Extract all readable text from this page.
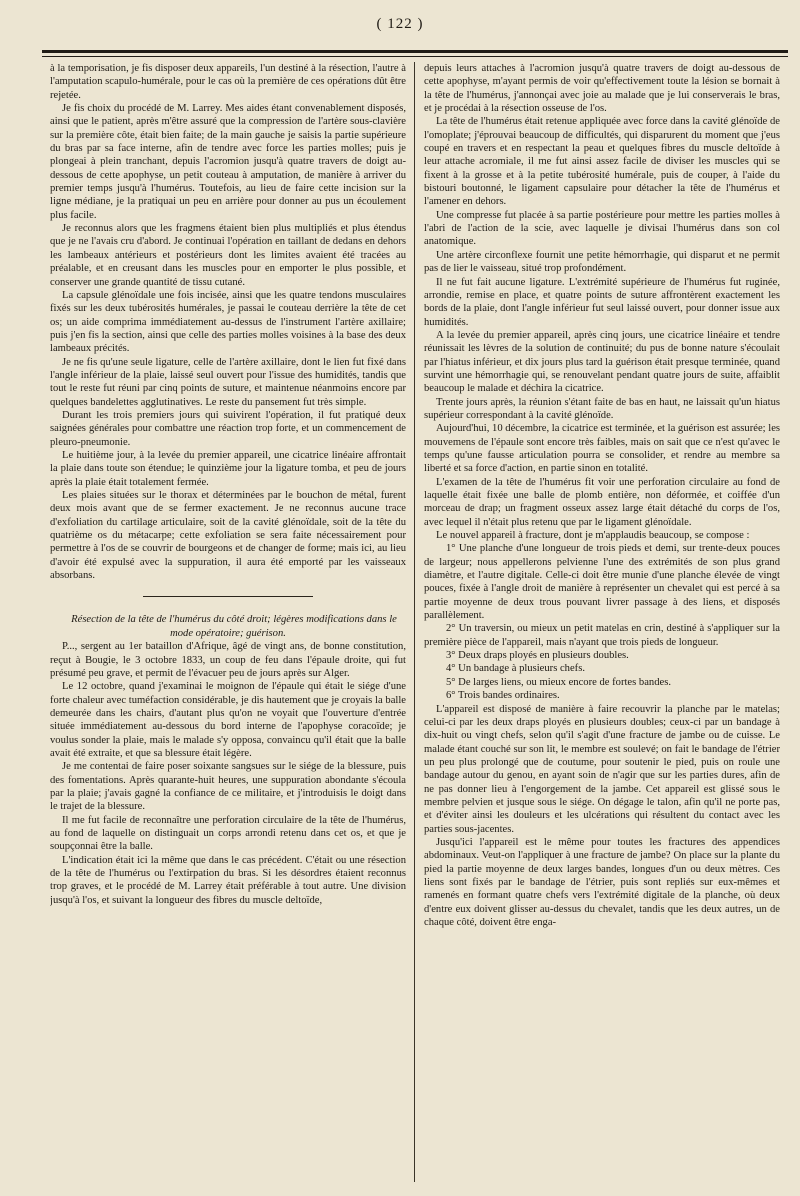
( 122 )

à la temporisation, je fis disposer deux appareils, l'un destiné à la résection, l'autre à l'amputation scapulo-humérale, pour le cas où la première de ces opérations dût être rejetée.

Je fis choix du procédé de M. Larrey. Mes aides étant convenablement disposés, ainsi que le patient, après m'être assuré que la compression de l'artère sous-clavière sur la première côte, était bien faite; de la main gauche je saisis la partie supérieure du bras par sa face interne, afin de tendre avec force les parties molles; puis je plongeai à plein tranchant, depuis l'acromion jusqu'à quatre travers de doigt au-dessous de cette apophyse, un petit couteau à amputation, de manière à arriver du premier temps jusqu'à l'humérus. Toutefois, au lieu de faire cette incision sur la ligne médiane, je la pratiquai un peu en arrière pour donner au pus un écoulement plus facile.

Je reconnus alors que les fragmens étaient bien plus multipliés et plus étendus que je ne l'avais cru d'abord. Je continuai l'opération en taillant de dedans en dehors les lambeaux antérieurs et postérieurs dont les limites avaient été tracées au préalable, et en creusant dans les muscles pour en emporter le plus possible, et conserver une grande quantité de tissu cutané.

La capsule glénoïdale une fois incisée, ainsi que les quatre tendons musculaires fixés sur les deux tubérosités humérales, je passai le couteau derrière la tête de cet os; un aide comprima immédiatement au-dessus de l'instrument l'artère axillaire; puis j'en fis la section, ainsi que celle des parties molles voisines à la base des deux lambeaux précités.

Je ne fis qu'une seule ligature, celle de l'artère axillaire, dont le lien fut fixé dans l'angle inférieur de la plaie, laissé seul ouvert pour l'issue des humidités, tandis que tout le reste fut réuni par cinq points de suture, et maintenue néanmoins encore par quelques bandelettes agglutinatives. Le reste du pansement fut très simple.

Durant les trois premiers jours qui suivirent l'opération, il fut pratiqué deux saignées générales pour combattre une réaction trop forte, et un commencement de pleuro-pneumonie.

Le huitième jour, à la levée du premier appareil, une cicatrice linéaire affrontait la plaie dans toute son étendue; le quinzième jour la ligature tomba, et peu de jours après la plaie était totalement fermée.

Les plaies situées sur le thorax et déterminées par le bouchon de métal, furent deux mois avant que de se fermer exactement. Je ne reconnus aucune trace d'exfoliation du cartilage articulaire, soit de la cavité glénoïdale, soit de la tête du quatrième os du métacarpe; cette exfoliation se sera faite nécessairement pour permettre à l'os de se couvrir de bourgeons et de changer de forme; mais ici, au lieu d'avoir été expulsé avec la suppuration, il aura été emporté par les vaisseaux absorbans.

Résection de la tête de l'humérus du côté droit; légères modifications dans le mode opératoire; guérison.

P..., sergent au 1er bataillon d'Afrique, âgé de vingt ans, de bonne constitution, reçut à Bougie, le 3 octobre 1833, un coup de feu dans l'épaule droite, qui fut présumé peu grave, et permit de l'évacuer peu de jours après sur Alger.

Le 12 octobre, quand j'examinai le moignon de l'épaule qui était le siége d'une forte chaleur avec tuméfaction considérable, je dis hautement que je croyais la balle demeurée dans les chairs, d'autant plus qu'on ne voyait que l'ouverture d'entrée située immédiatement au-dessous du bord interne de l'apophyse coracoïde; je voulus sonder la plaie, mais le malade s'y opposa, convaincu qu'il était que la balle avait été extraite, et que sa blessure était légère.

Je me contentai de faire poser soixante sangsues sur le siége de la blessure, puis des fomentations. Après quarante-huit heures, une suppuration abondante s'écoula par la plaie; j'avais gagné la confiance de ce militaire, et j'introduisis le doigt dans le trajet de la blessure.

Il me fut facile de reconnaître une perforation circulaire de la tête de l'humérus, au fond de laquelle on distinguait un corps arrondi retenu dans cet os, et que je soupçonnai être la balle.

L'indication était ici la même que dans le cas précédent. C'était ou une résection de la tête de l'humérus ou l'extirpation du bras. Si les désordres étaient reconnus trop graves, et le procédé de M. Larrey était préférable à tout autre. Une division jusqu'à l'os, et suivant la longueur des fibres du muscle deltoïde,

depuis leurs attaches à l'acromion jusqu'à quatre travers de doigt au-dessous de cette apophyse, m'ayant permis de voir qu'effectivement toute la lésion se bornait à la tête de l'humérus, j'annonçai avec joie au malade que je lui conserverais le bras, et je procédai à la résection osseuse de l'os.

La tête de l'humérus était retenue appliquée avec force dans la cavité glénoïde de l'omoplate; j'éprouvai beaucoup de difficultés, qui disparurent du moment que j'eus coupé en travers et en respectant la peau et quelques fibres du muscle deltoïde à leur attache acromiale, il me fut ainsi assez facile de diviser les muscles qui se fixent à la grosse et à la petite tubérosité humérale, puis de couper, à l'aide du bistouri boutonné, le ligament capsulaire pour détacher la tête de l'humérus et l'amener en dehors.

Une compresse fut placée à sa partie postérieure pour mettre les parties molles à l'abri de l'action de la scie, avec laquelle je divisai l'humérus dans son col anatomique.

Une artère circonflexe fournit une petite hémorrhagie, qui disparut et ne permit pas de lier le vaisseau, situé trop profondément.

Il ne fut fait aucune ligature. L'extrémité supérieure de l'humérus fut ruginée, arrondie, remise en place, et quatre points de suture affrontèrent exactement les bords de la plaie, dont l'angle inférieur fut seul laissé ouvert, pour donner issue aux humidités.

A la levée du premier appareil, après cinq jours, une cicatrice linéaire et tendre réunissait les lèvres de la solution de continuité; du pus de bonne nature s'écoulait par l'hiatus inférieur, et dix jours plus tard la guérison était presque terminée, quand survint une hémorrhagie qui, se renouvelant pendant quatre jours de suite, affaiblit beaucoup le malade et déchira la cicatrice.

Trente jours après, la réunion s'étant faite de bas en haut, ne laissait qu'un hiatus supérieur correspondant à la cavité glénoïde.

Aujourd'hui, 10 décembre, la cicatrice est terminée, et la guérison est assurée; les mouvemens de l'épaule sont encore très faibles, mais on sait que ce n'est qu'avec le temps qu'une fausse articulation pourra se consolider, et rendre au membre sa liberté et sa force d'action, en partie sinon en totalité.

L'examen de la tête de l'humérus fit voir une perforation circulaire au fond de laquelle était fixée une balle de plomb entière, non déformée, et coiffée d'un morceau de drap; un fragment osseux assez large était détaché du corps de l'os, avec lequel il n'était plus retenu que par le ligament glénoïdale.

Le nouvel appareil à fracture, dont je m'applaudis beaucoup, se compose :

1° Une planche d'une longueur de trois pieds et demi, sur trente-deux pouces de largeur; nous appellerons pelvienne l'une des extrémités de son plus grand diamètre, et l'autre digitale. Celle-ci doit être munie d'une planche élevée de vingt pouces, fixée à l'angle droit de manière à représenter un chevalet qui est percé à sa partie moyenne de deux trous pouvant livrer passage à des liens, et disposés parallèlement.

2° Un traversin, ou mieux un petit matelas en crin, destiné à s'appliquer sur la première pièce de l'appareil, mais n'ayant que trois pieds de longueur.

3° Deux draps ployés en plusieurs doubles.

4° Un bandage à plusieurs chefs.

5° De larges liens, ou mieux encore de fortes bandes.

6° Trois bandes ordinaires.

L'appareil est disposé de manière à faire recouvrir la planche par le matelas; celui-ci par les deux draps ployés en plusieurs doubles; ceux-ci par un bandage à dix-huit ou vingt chefs, selon qu'il s'agit d'une fracture de jambe ou de cuisse. Le malade étant couché sur son lit, le membre est soulevé; on fait le bandage de l'étrier un peu plus prolongé que de coutume, pour soutenir le pied, puis on roule une bandage autour du genou, en ayant soin de n'agir que sur les parties dures, afin de ne pas donner lieu à l'engorgement de la jambe. Cet appareil est glissé sous le membre pelvien et jusque sous le siége. On dégage le talon, afin qu'il ne porte pas, et d'éviter ainsi les douleurs et les ulcérations qui résultent du contact avec les parties sous-jacentes.

Jusqu'ici l'appareil est le même pour toutes les fractures des appendices abdominaux. Veut-on l'appliquer à une fracture de jambe? On place sur la plante du pied la partie moyenne de deux larges bandes, longues d'un ou deux mètres. Ces liens sont fixés par le bandage de l'étrier, puis sont repliés sur eux-mêmes et ramenés en formant quatre chefs vers l'extrémité digitale de la planche, où deux d'entre eux doivent glisser au-dessus du chevalet, tandis que les deux autres, un de chaque côté, doivent être enga-
